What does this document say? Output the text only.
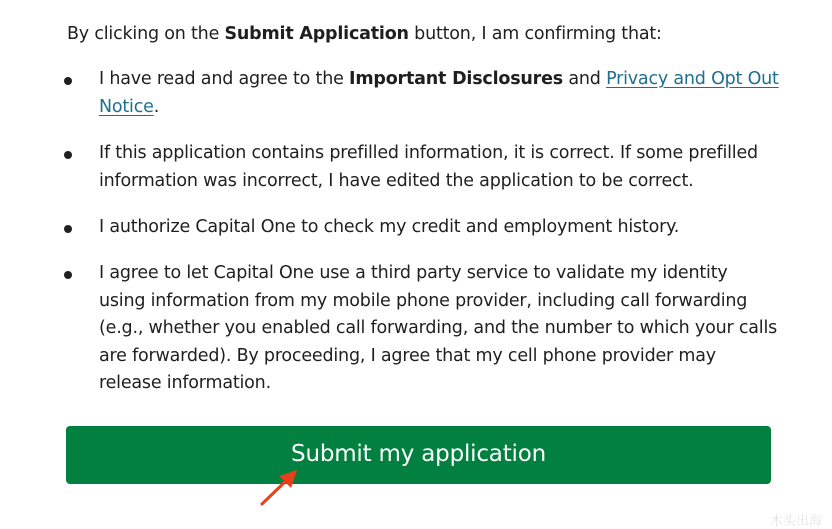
By clicking on the Submit Application button, I am confirming that:

I have read and agree to the Important Disclosures and Privacy and Opt Out Notice.
If this application contains prefilled information, it is correct. If some prefilled information was incorrect, I have edited the application to be correct.
I authorize Capital One to check my credit and employment history.
I agree to let Capital One use a third party service to validate my identity using information from my mobile phone provider, including call forwarding (e.g., whether you enabled call forwarding, and the number to which your calls are forwarded). By proceeding, I agree that my cell phone provider may release information.
Submit my application
木头出海
